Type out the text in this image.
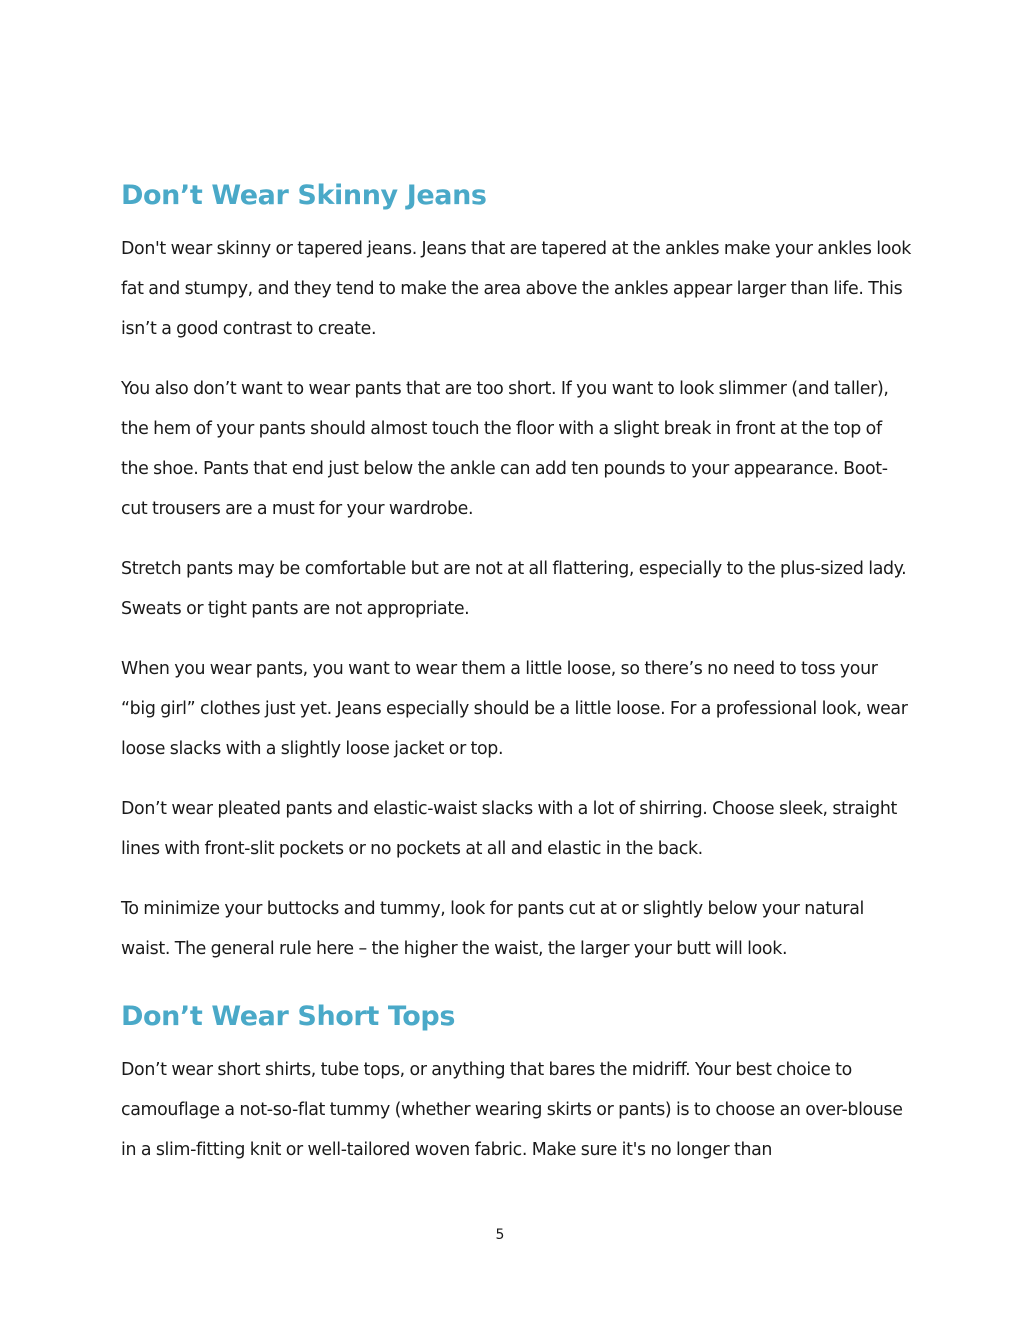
Don’t Wear Skinny Jeans

Don't wear skinny or tapered jeans. Jeans that are tapered at the ankles make your ankles look fat and stumpy, and they tend to make the area above the ankles appear larger than life. This isn’t a good contrast to create.

You also don’t want to wear pants that are too short. If you want to look slimmer (and taller), the hem of your pants should almost touch the floor with a slight break in front at the top of the shoe. Pants that end just below the ankle can add ten pounds to your appearance. Boot-cut trousers are a must for your wardrobe.

Stretch pants may be comfortable but are not at all flattering, especially to the plus-sized lady. Sweats or tight pants are not appropriate.

When you wear pants, you want to wear them a little loose, so there’s no need to toss your “big girl” clothes just yet. Jeans especially should be a little loose. For a professional look, wear loose slacks with a slightly loose jacket or top.

Don’t wear pleated pants and elastic-waist slacks with a lot of shirring. Choose sleek, straight lines with front-slit pockets or no pockets at all and elastic in the back.

To minimize your buttocks and tummy, look for pants cut at or slightly below your natural waist. The general rule here – the higher the waist, the larger your butt will look.

Don’t Wear Short Tops

Don’t wear short shirts, tube tops, or anything that bares the midriff. Your best choice to camouflage a not-so-flat tummy (whether wearing skirts or pants) is to choose an over-blouse in a slim-fitting knit or well-tailored woven fabric. Make sure it's no longer than

5
